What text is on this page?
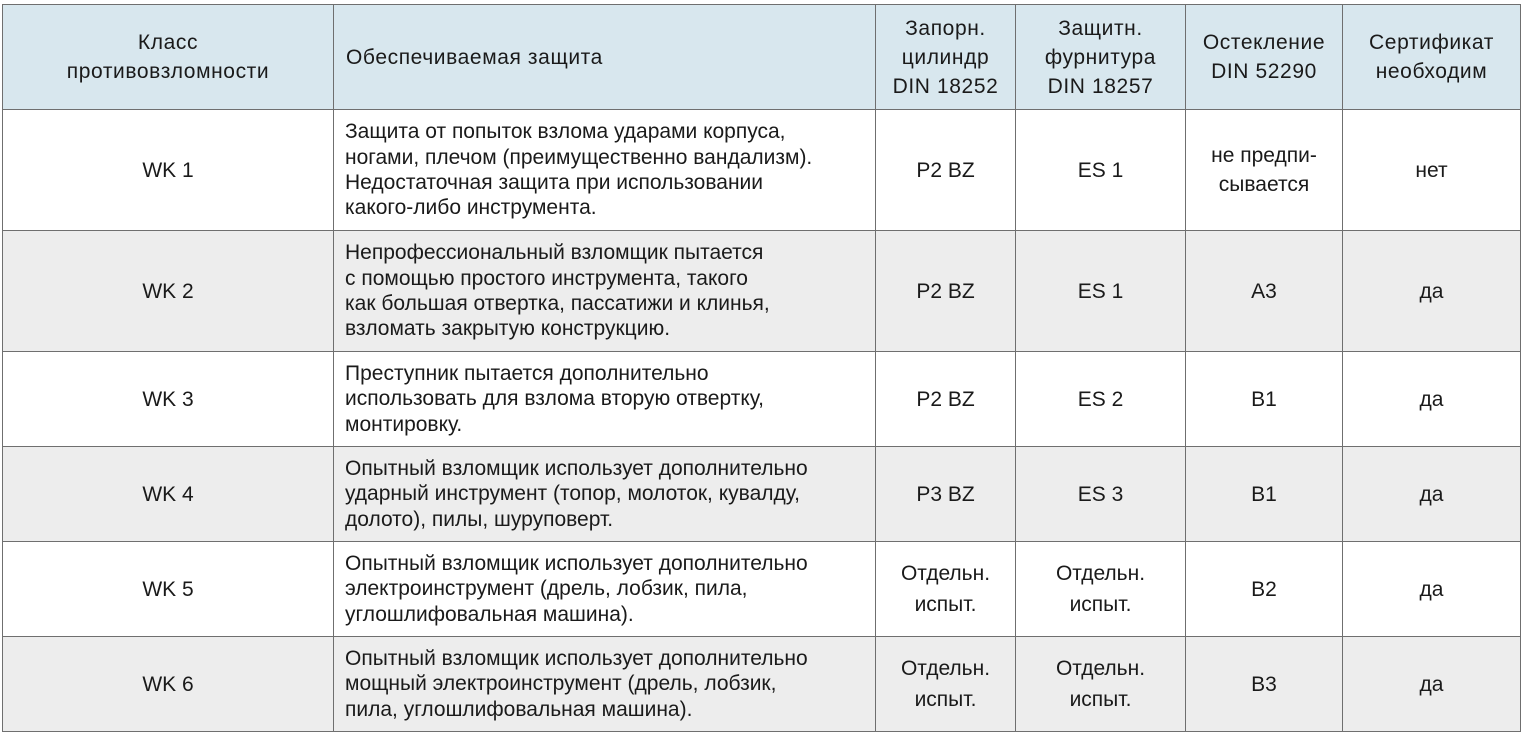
Класс
противовзломности	Обеспечиваемая защита	Запорн.
цилиндр
DIN 18252	Защитн.
фурнитура
DIN 18257	Остекление
DIN 52290	Сертификат
необходим
WK 1	Защита от попыток взлома ударами корпуса,
ногами, плечом (преимущественно вандализм).
Недостаточная защита при использовании
какого-либо инструмента.	P2 BZ	ES 1	не предпи-
сывается	нет
WK 2	Непрофессиональный взломщик пытается
с помощью простого инструмента, такого
как большая отвертка, пассатижи и клинья,
взломать закрытую конструкцию.	P2 BZ	ES 1	A3	да
WK 3	Преступник пытается дополнительно
использовать для взлома вторую отвертку,
монтировку.	P2 BZ	ES 2	B1	да
WK 4	Опытный взломщик использует дополнительно
ударный инструмент (топор, молоток, кувалду,
долото), пилы, шуруповерт.	P3 BZ	ES 3	B1	да
WK 5	Опытный взломщик использует дополнительно
электроинструмент (дрель, лобзик, пила,
углошлифовальная машина).	Отдельн.
испыт.	Отдельн.
испыт.	B2	да
WK 6	Опытный взломщик использует дополнительно
мощный электроинструмент (дрель, лобзик,
пила, углошлифовальная машина).	Отдельн.
испыт.	Отдельн.
испыт.	B3	да
